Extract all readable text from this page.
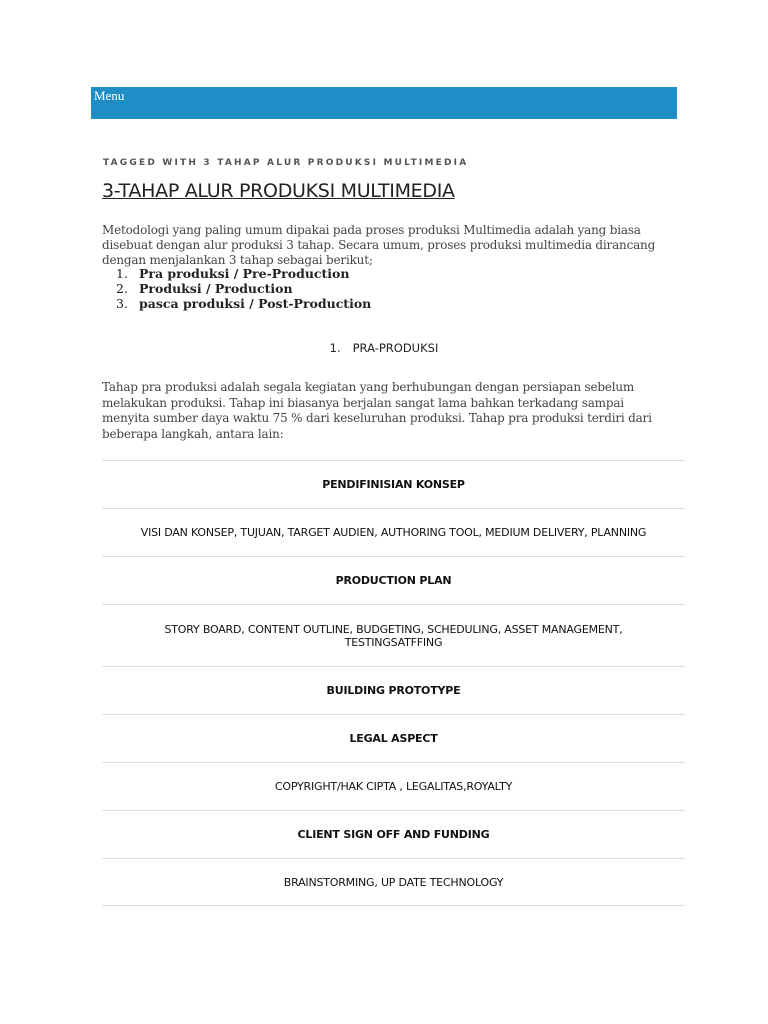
Menu
TAGGED WITH 3 TAHAP ALUR PRODUKSI MULTIMEDIA
3-TAHAP ALUR PRODUKSI MULTIMEDIA
Metodologi yang paling umum dipakai pada proses produksi Multimedia adalah yang biasa disebuat dengan alur produksi 3 tahap. Secara umum, proses produksi multimedia dirancang dengan menjalankan 3 tahap sebagai berikut;
1. Pra produksi / Pre-Production
2. Produksi / Production
3. pasca produksi / Post-Production
1. PRA-PRODUKSI
Tahap pra produksi adalah segala kegiatan yang berhubungan dengan persiapan sebelum melakukan produksi. Tahap ini biasanya berjalan sangat lama bahkan terkadang sampai menyita sumber daya waktu 75 % dari keseluruhan produksi. Tahap pra produksi terdiri dari beberapa langkah, antara lain:
PENDIFINISIAN KONSEP
VISI DAN KONSEP, TUJUAN, TARGET AUDIEN, AUTHORING TOOL, MEDIUM DELIVERY, PLANNING
PRODUCTION PLAN
STORY BOARD, CONTENT OUTLINE, BUDGETING, SCHEDULING, ASSET MANAGEMENT, TESTINGSATFFING
BUILDING PROTOTYPE
LEGAL ASPECT
COPYRIGHT/HAK CIPTA , LEGALITAS,ROYALTY
CLIENT SIGN OFF AND FUNDING
BRAINSTORMING, UP DATE TECHNOLOGY
